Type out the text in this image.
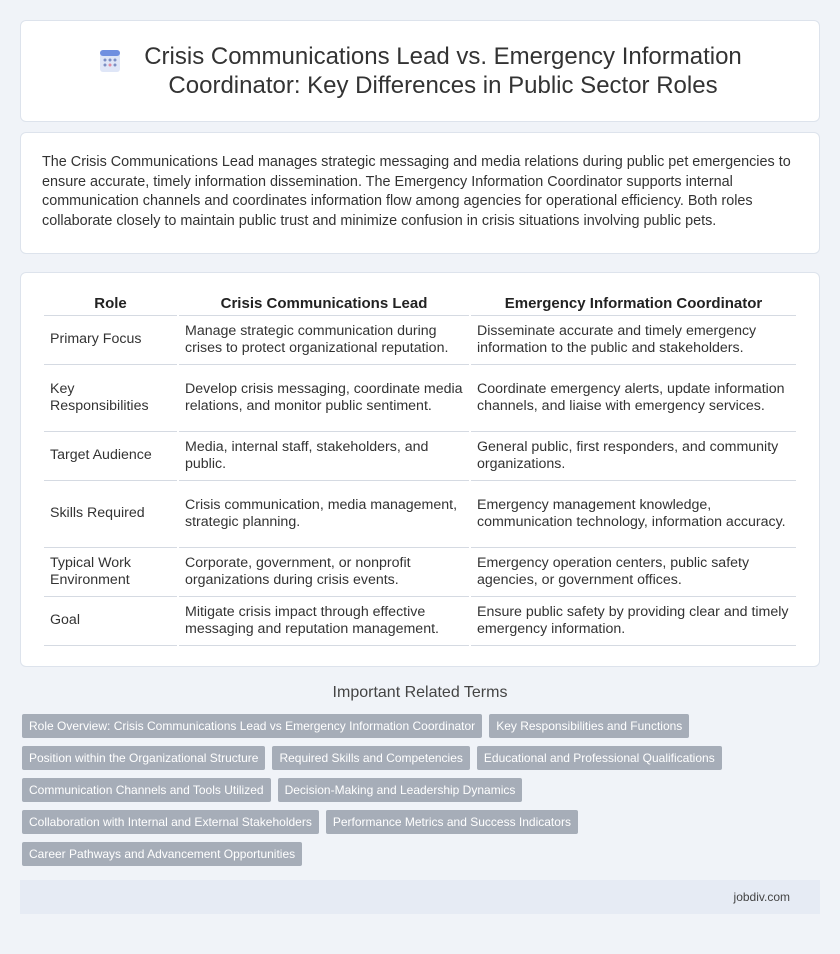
Crisis Communications Lead vs. Emergency Information Coordinator: Key Differences in Public Sector Roles

The Crisis Communications Lead manages strategic messaging and media relations during public pet emergencies to ensure accurate, timely information dissemination. The Emergency Information Coordinator supports internal communication channels and coordinates information flow among agencies for operational efficiency. Both roles collaborate closely to maintain public trust and minimize confusion in crisis situations involving public pets.

Role	Crisis Communications Lead	Emergency Information Coordinator
Primary Focus	Manage strategic communication during crises to protect organizational reputation.	Disseminate accurate and timely emergency information to the public and stakeholders.
Key Responsibilities	Develop crisis messaging, coordinate media relations, and monitor public sentiment.	Coordinate emergency alerts, update information channels, and liaise with emergency services.
Target Audience	Media, internal staff, stakeholders, and public.	General public, first responders, and community organizations.
Skills Required	Crisis communication, media management, strategic planning.	Emergency management knowledge, communication technology, information accuracy.
Typical Work Environment	Corporate, government, or nonprofit organizations during crisis events.	Emergency operation centers, public safety agencies, or government offices.
Goal	Mitigate crisis impact through effective messaging and reputation management.	Ensure public safety by providing clear and timely emergency information.
Important Related Terms
Role Overview: Crisis Communications Lead vs Emergency Information Coordinator	Key Responsibilities and Functions
Position within the Organizational Structure	Required Skills and Competencies	Educational and Professional Qualifications
Communication Channels and Tools Utilized	Decision-Making and Leadership Dynamics
Collaboration with Internal and External Stakeholders	Performance Metrics and Success Indicators
Career Pathways and Advancement Opportunities
jobdiv.com
